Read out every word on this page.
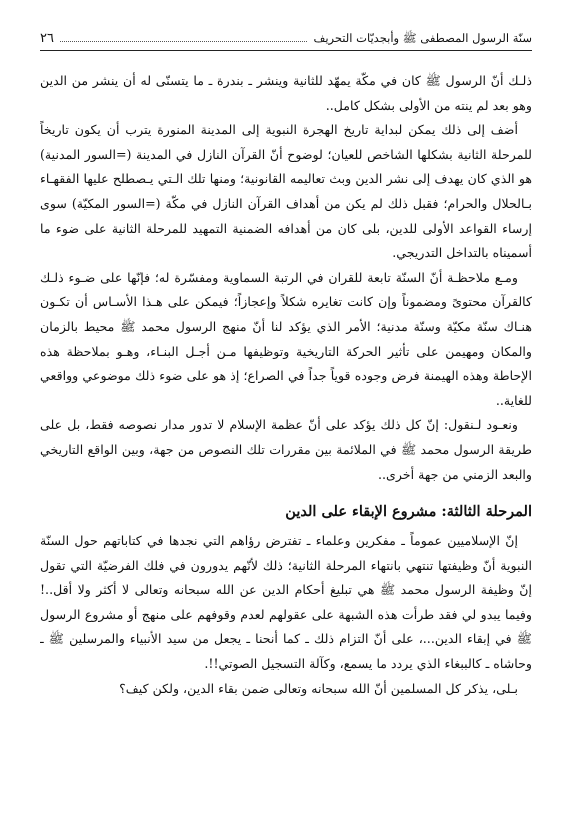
سنّة الرسول المصطفى ﷺ وأبجديّات التحريف
٢٦

ذلـك أنّ الرسول ﷺ كان في مكّة يمهّد للثانية وينشر ـ بندرة ـ ما يتسنّى له أن ينشر من الدين وهو بعد لم ينته من الأولى بشكل كامل..

أضف إلى ذلك يمكن لبداية تاريخ الهجرة النبوية إلى المدينة المنورة يترب أن يكون تاريخاً للمرحلة الثانية بشكلها الشاخص للعيان؛ لوضوح أنّ القرآن النازل في المدينة (=السور المدنية) هو الذي كان يهدف إلى نشر الدين وبث تعاليمه القانونية؛ ومنها تلك الـتي يـصطلح عليها الفقهـاء بـالحلال والحرام؛ فقبل ذلك لم يكن من أهداف القرآن النازل في مكّة (=السور المكيّة) سوى إرساء القواعد الأولى للدين، بلى كان من أهدافه الضمنية التمهيد للمرحلة الثانية على ضوء ما أسميناه بالتداخل التدريجي.

ومـع ملاحظـة أنّ السنّة تابعة للقران في الرتبة السماوية ومفسّرة له؛ فإنّها على ضـوء ذلـك كالقرآن محتوىً ومضموناً وإن كانت تغايره شكلاً وإعجازاً؛ فيمكن على هـذا الأسـاس أن تكـون هنـاك سنّة مكيّة وسنّة مدنية؛ الأمر الذي يؤكد لنا أنّ منهج الرسول محمد ﷺ محيط بالزمان والمكان ومهيمن على تأثير الحركة التاريخية وتوظيفها مـن أجـل البنـاء، وهـو بملاحظة هذه الإحاطة وهذه الهيمنة فرض وجوده قوياً جداً في الصراع؛ إذ هو على ضوء ذلك موضوعي وواقعي للغاية..

ونعـود لـنقول: إنّ كل ذلك يؤكد على أنّ عظمة الإسلام لا تدور مدار نصوصه فقط، بل على طريقة الرسول محمد ﷺ في الملائمة بين مقررات تلك النصوص من جهة، وبين الواقع التاريخي والبعد الزمني من جهة أخرى..

المرحلة الثالثة: مشروع الإبقاء على الدين

إنّ الإسلاميين عموماً ـ مفكرين وعلماء ـ تفترض رؤاهم التي نجدها في كتاباتهم حول السنّة النبوية أنّ وظيفتها تنتهي بانتهاء المرحلة الثانية؛ ذلك لأنّهم يدورون في فلك الفرضيّة التي تقول إنّ وظيفة الرسول محمد ﷺ هي تبليغ أحكام الدين عن الله سبحانه وتعالى لا أكثر ولا أقل..! وفيما يبدو لي فقد طرأت هذه الشبهة على عقولهم لعدم وقوفهم على منهج أو مشروع الرسول ﷺ في إبقاء الدين...، على أنّ التزام ذلك ـ كما أنحنا ـ يجعل من سيد الأنبياء والمرسلين ﷺ ـ وحاشاه ـ كالببغاء الذي يردد ما يسمع، وكآلة التسجيل الصوتي!!.

بـلى، يذكر كل المسلمين أنّ الله سبحانه وتعالى ضمن بقاء الدين، ولكن كيف؟
